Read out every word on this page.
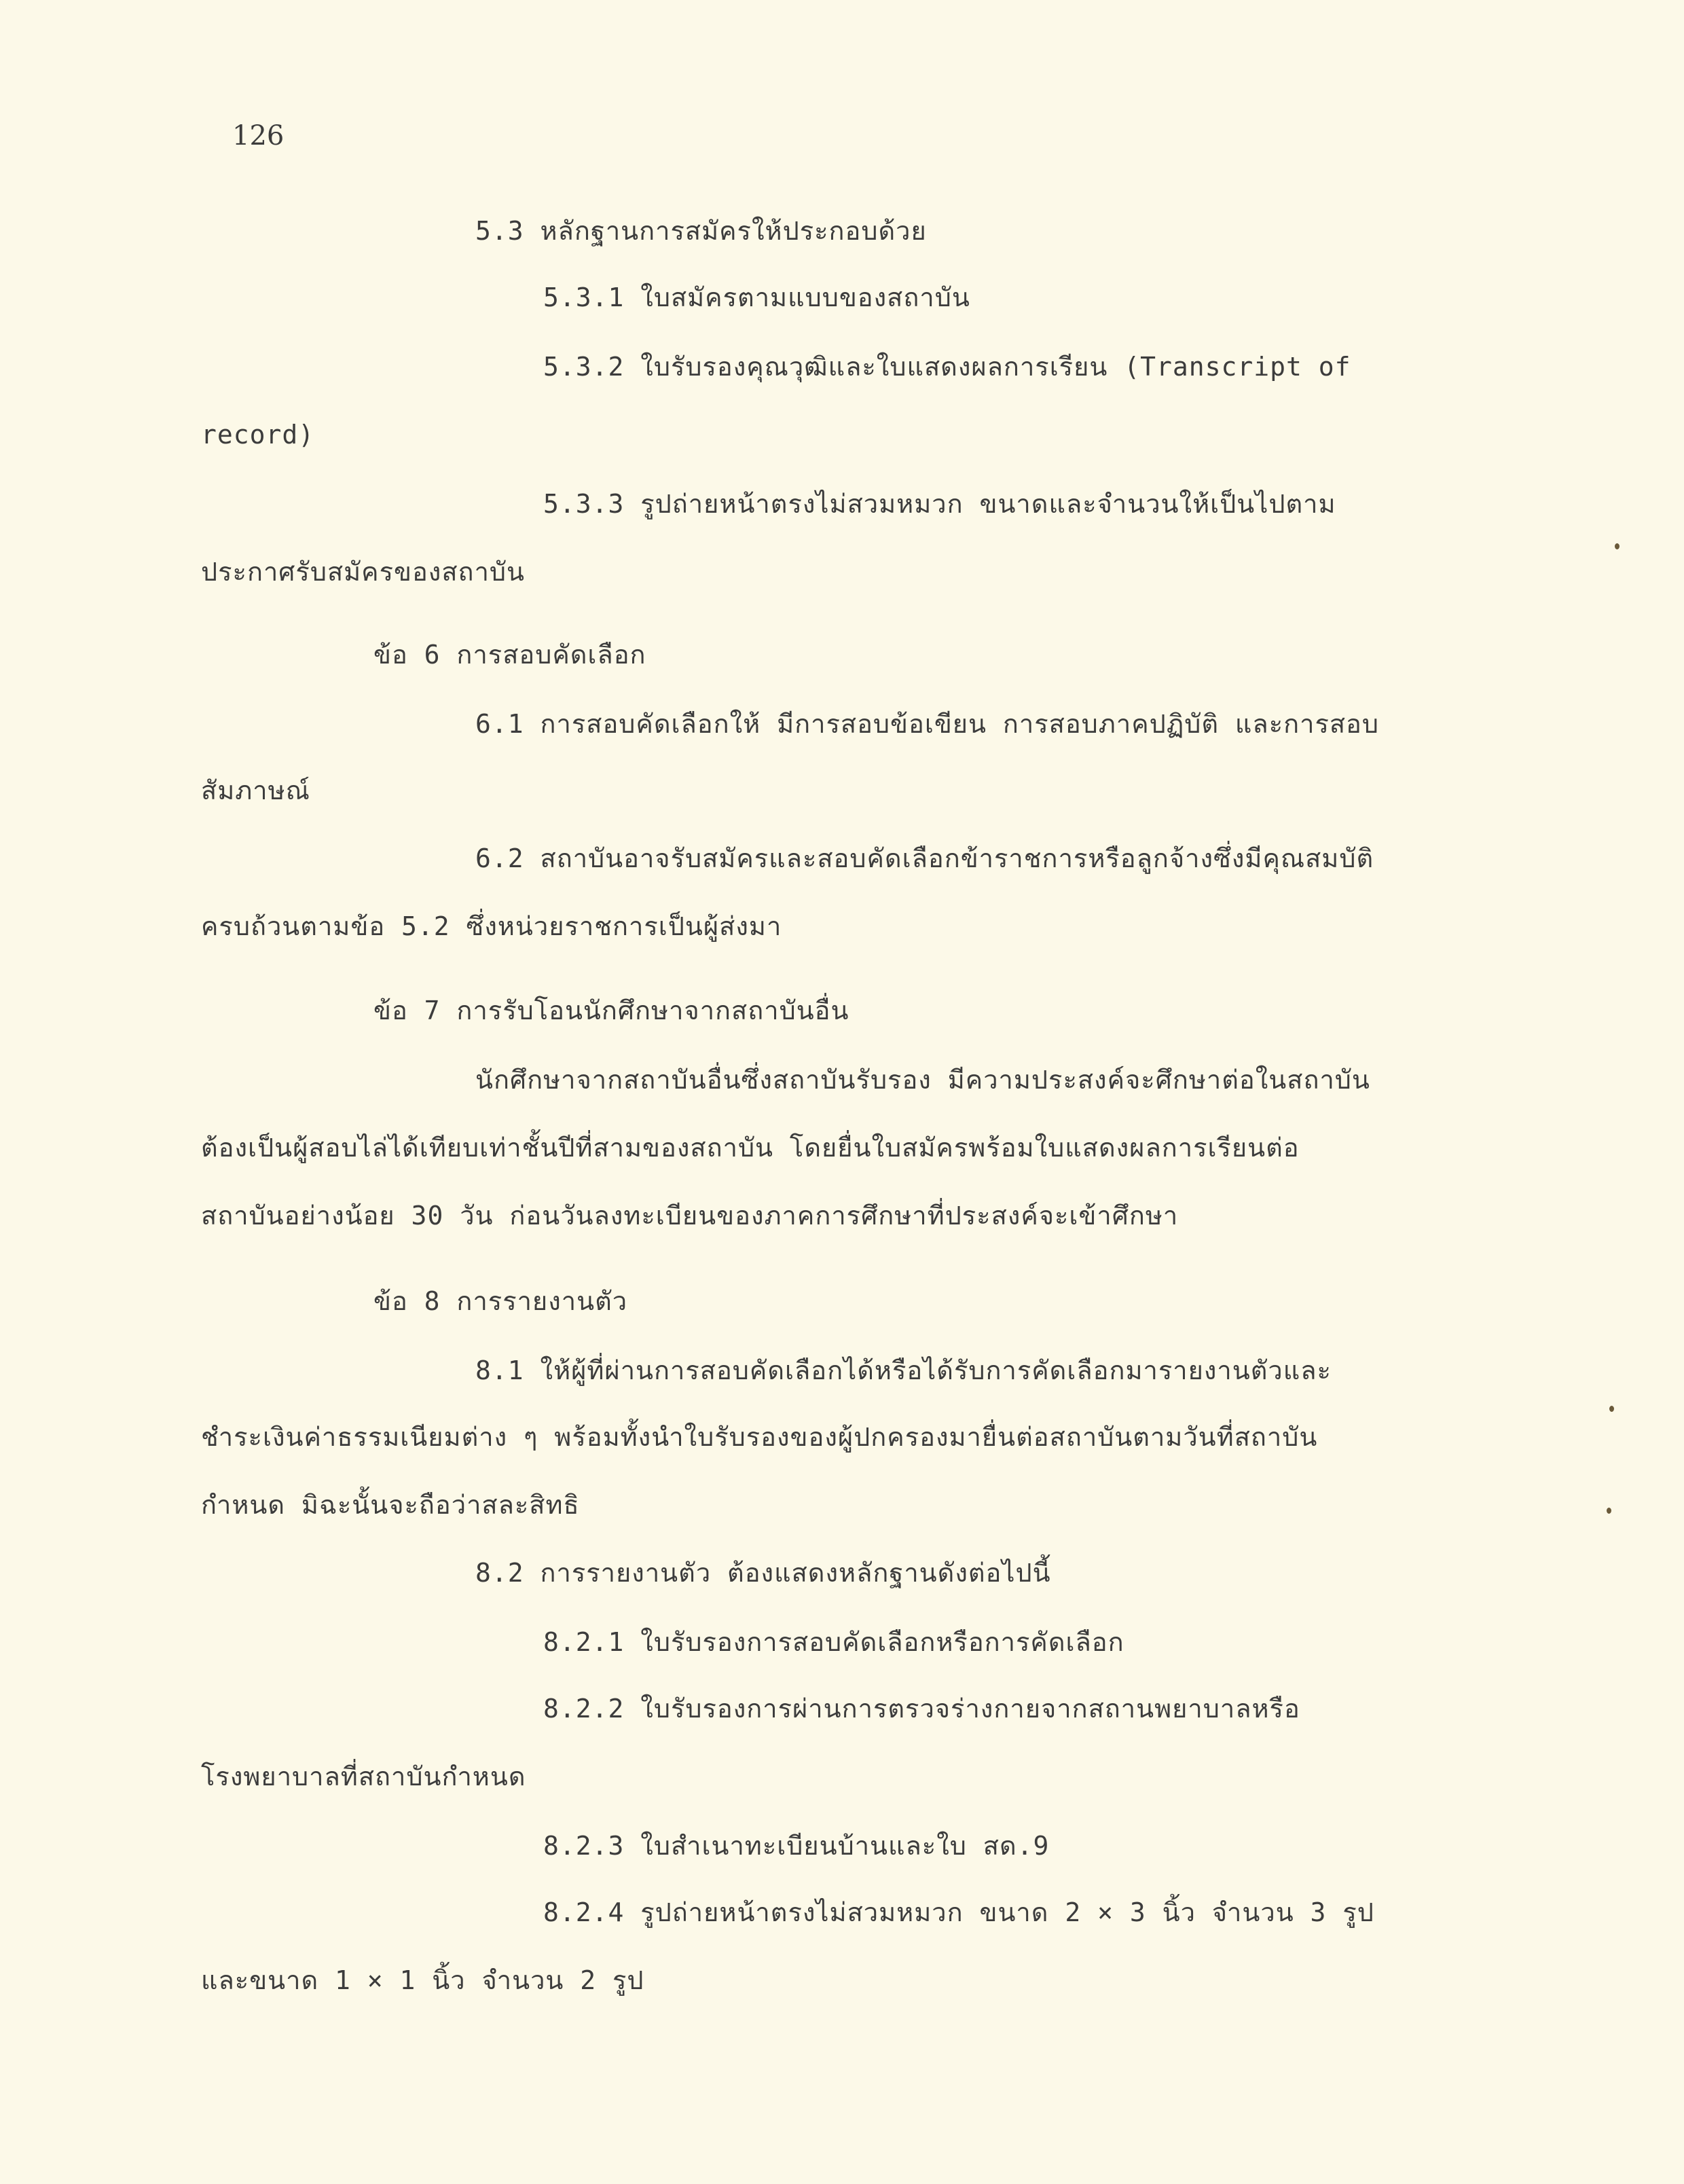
126
5.3 หลักฐานการสมัครให้ประกอบด้วย
5.3.1 ใบสมัครตามแบบของสถาบัน
5.3.2 ใบรับรองคุณวุฒิและใบแสดงผลการเรียน (Transcript of
record)
5.3.3 รูปถ่ายหน้าตรงไม่สวมหมวก ขนาดและจำนวนให้เป็นไปตาม
ประกาศรับสมัครของสถาบัน
ข้อ 6 การสอบคัดเลือก
6.1 การสอบคัดเลือกให้ มีการสอบข้อเขียน การสอบภาคปฏิบัติ และการสอบ
สัมภาษณ์
6.2 สถาบันอาจรับสมัครและสอบคัดเลือกข้าราชการหรือลูกจ้างซึ่งมีคุณสมบัติ
ครบถ้วนตามข้อ 5.2 ซึ่งหน่วยราชการเป็นผู้ส่งมา
ข้อ 7 การรับโอนนักศึกษาจากสถาบันอื่น
นักศึกษาจากสถาบันอื่นซึ่งสถาบันรับรอง มีความประสงค์จะศึกษาต่อในสถาบัน
ต้องเป็นผู้สอบไล่ได้เทียบเท่าชั้นปีที่สามของสถาบัน โดยยื่นใบสมัครพร้อมใบแสดงผลการเรียนต่อ
สถาบันอย่างน้อย 30 วัน ก่อนวันลงทะเบียนของภาคการศึกษาที่ประสงค์จะเข้าศึกษา
ข้อ 8 การรายงานตัว
8.1 ให้ผู้ที่ผ่านการสอบคัดเลือกได้หรือได้รับการคัดเลือกมารายงานตัวและ
ชำระเงินค่าธรรมเนียมต่าง ๆ พร้อมทั้งนำใบรับรองของผู้ปกครองมายื่นต่อสถาบันตามวันที่สถาบัน
กำหนด มิฉะนั้นจะถือว่าสละสิทธิ
8.2 การรายงานตัว ต้องแสดงหลักฐานดังต่อไปนี้
8.2.1 ใบรับรองการสอบคัดเลือกหรือการคัดเลือก
8.2.2 ใบรับรองการผ่านการตรวจร่างกายจากสถานพยาบาลหรือ
โรงพยาบาลที่สถาบันกำหนด
8.2.3 ใบสำเนาทะเบียนบ้านและใบ สด.9
8.2.4 รูปถ่ายหน้าตรงไม่สวมหมวก ขนาด 2 × 3 นิ้ว จำนวน 3 รูป
และขนาด 1 × 1 นิ้ว จำนวน 2 รูป
